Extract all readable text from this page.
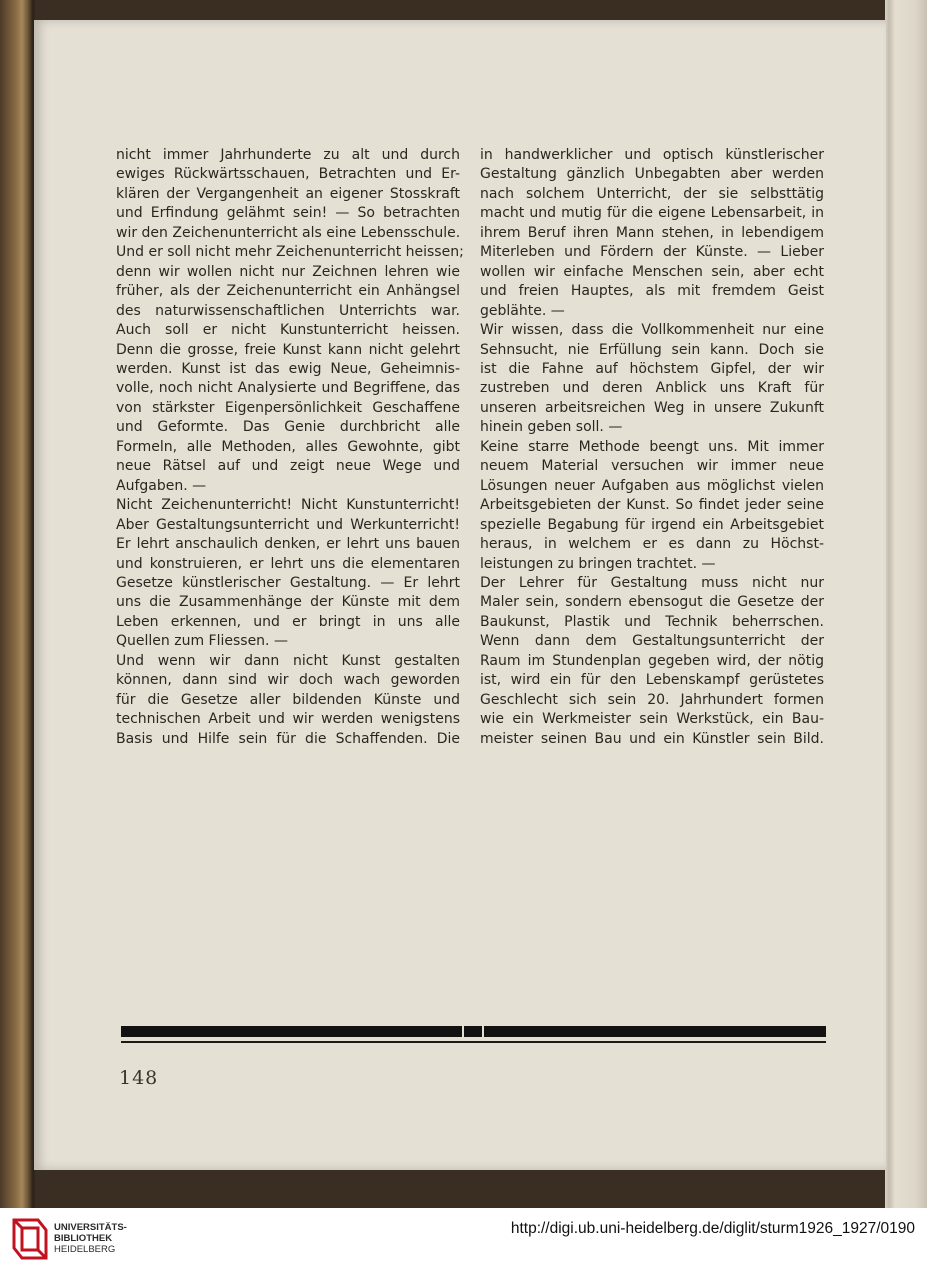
nicht immer Jahrhunderte zu alt und durch
ewiges Rückwärtsschauen, Betrachten und Er-
klären der Vergangenheit an eigener Stosskraft
und Erfindung gelähmt sein! — So betrachten
wir den Zeichenunterricht als eine Lebensschule.
Und er soll nicht mehr Zeichenunterricht heissen;
denn wir wollen nicht nur Zeichnen lehren wie
früher, als der Zeichenunterricht ein Anhängsel
des naturwissenschaftlichen Unterrichts war.
Auch soll er nicht Kunstunterricht heissen.
Denn die grosse, freie Kunst kann nicht gelehrt
werden. Kunst ist das ewig Neue, Geheimnis-
volle, noch nicht Analysierte und Begriffene, das
von stärkster Eigenpersönlichkeit Geschaffene
und Geformte. Das Genie durchbricht alle
Formeln, alle Methoden, alles Gewohnte, gibt
neue Rätsel auf und zeigt neue Wege und
Aufgaben. —
Nicht Zeichenunterricht! Nicht Kunstunterricht!
Aber Gestaltungsunterricht und Werkunterricht!
Er lehrt anschaulich denken, er lehrt uns bauen
und konstruieren, er lehrt uns die elementaren
Gesetze künstlerischer Gestaltung. — Er lehrt
uns die Zusammenhänge der Künste mit dem
Leben erkennen, und er bringt in uns alle
Quellen zum Fliessen. —
Und wenn wir dann nicht Kunst gestalten
können, dann sind wir doch wach geworden
für die Gesetze aller bildenden Künste und
technischen Arbeit und wir werden wenigstens
Basis und Hilfe sein für die Schaffenden. Die
in handwerklicher und optisch künstlerischer
Gestaltung gänzlich Unbegabten aber werden
nach solchem Unterricht, der sie selbsttätig
macht und mutig für die eigene Lebensarbeit, in
ihrem Beruf ihren Mann stehen, in lebendigem
Miterleben und Fördern der Künste. — Lieber
wollen wir einfache Menschen sein, aber echt
und freien Hauptes, als mit fremdem Geist
geblähte. —
Wir wissen, dass die Vollkommenheit nur eine
Sehnsucht, nie Erfüllung sein kann. Doch sie
ist die Fahne auf höchstem Gipfel, der wir
zustreben und deren Anblick uns Kraft für
unseren arbeitsreichen Weg in unsere Zukunft
hinein geben soll. —
Keine starre Methode beengt uns. Mit immer
neuem Material versuchen wir immer neue
Lösungen neuer Aufgaben aus möglichst vielen
Arbeitsgebieten der Kunst. So findet jeder seine
spezielle Begabung für irgend ein Arbeitsgebiet
heraus, in welchem er es dann zu Höchst-
leistungen zu bringen trachtet. —
Der Lehrer für Gestaltung muss nicht nur
Maler sein, sondern ebensogut die Gesetze der
Baukunst, Plastik und Technik beherrschen.
Wenn dann dem Gestaltungsunterricht der
Raum im Stundenplan gegeben wird, der nötig
ist, wird ein für den Lebenskampf gerüstetes
Geschlecht sich sein 20. Jahrhundert formen
wie ein Werkmeister sein Werkstück, ein Bau-
meister seinen Bau und ein Künstler sein Bild.
148
UNIVERSITÄTS-
BIBLIOTHEK
HEIDELBERG
http://digi.ub.uni-heidelberg.de/diglit/sturm1926_1927/0190
